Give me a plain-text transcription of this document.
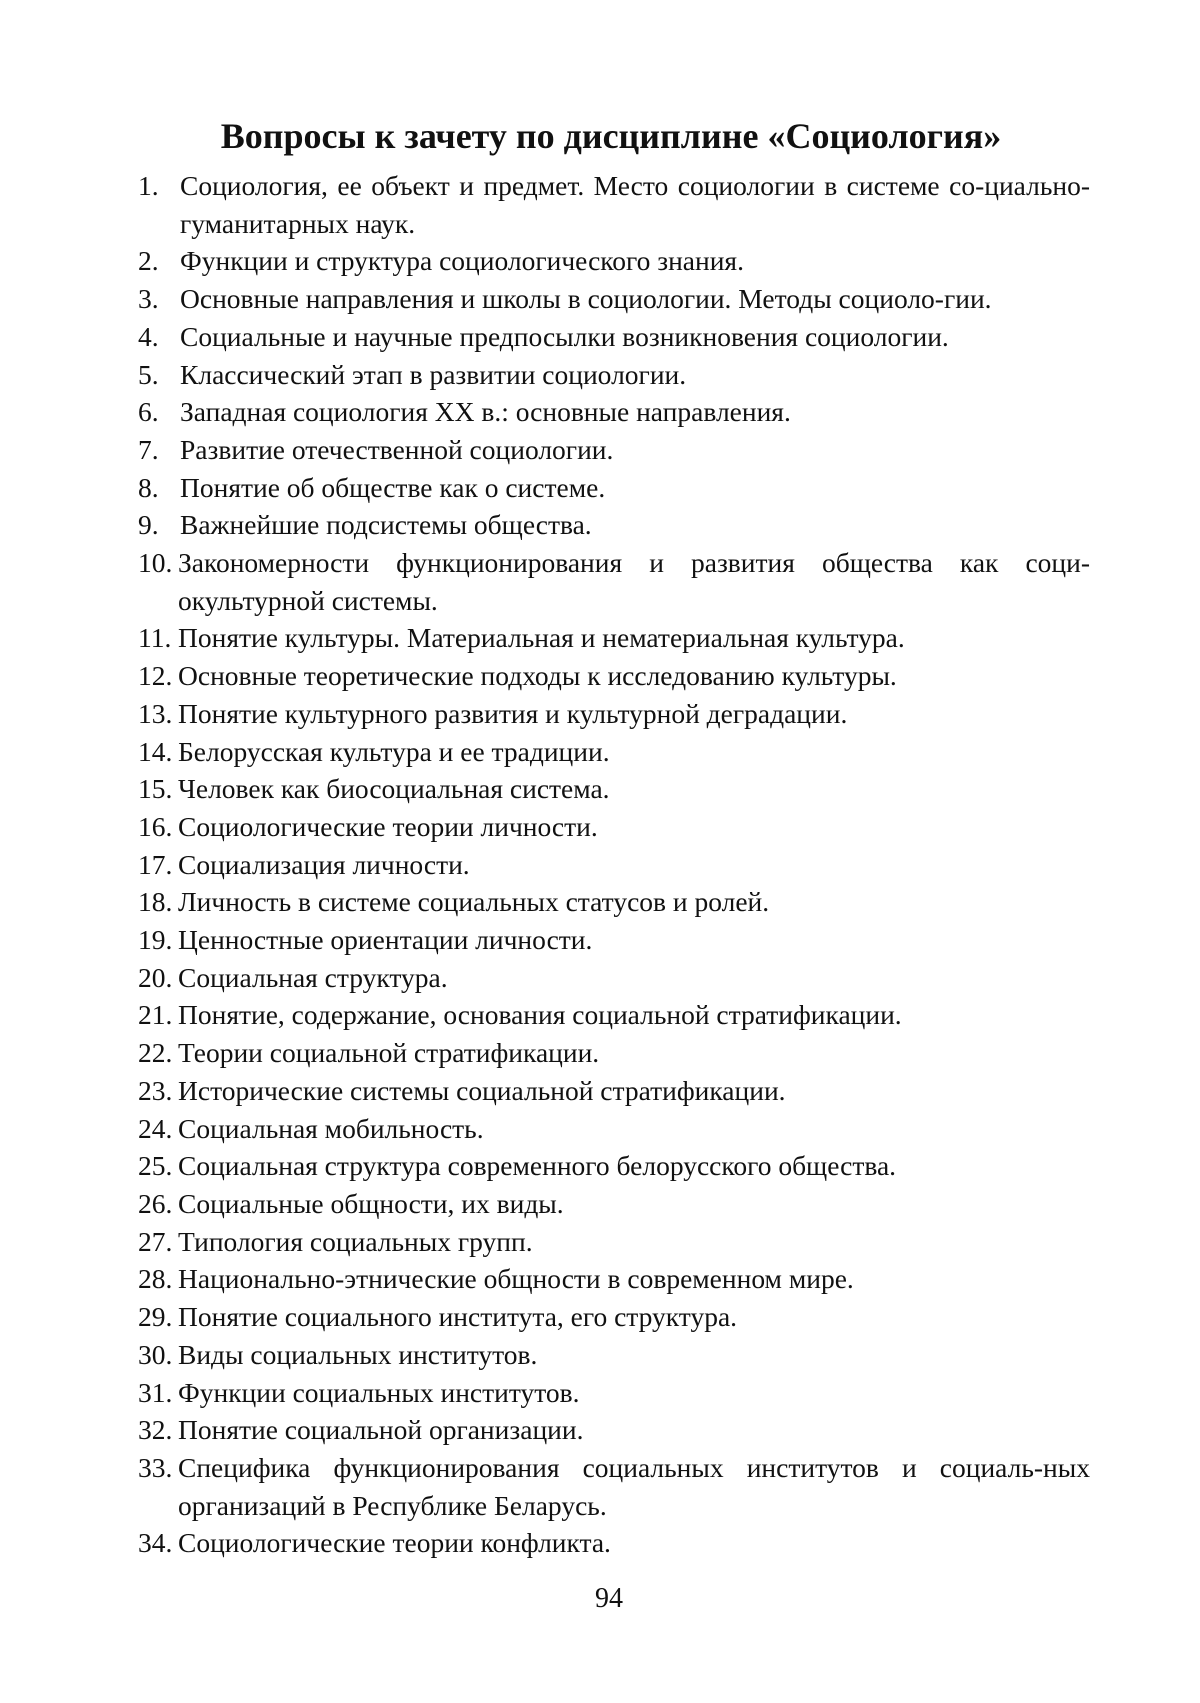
Вопросы к зачету по дисциплине «Социология»
1. Социология, ее объект и предмет. Место социологии в системе со-циально-гуманитарных наук.
2. Функции и структура социологического знания.
3. Основные направления и школы в социологии. Методы социоло-гии.
4. Социальные и научные предпосылки возникновения социологии.
5. Классический этап в развитии социологии.
6. Западная социология XX в.: основные направления.
7. Развитие отечественной социологии.
8. Понятие об обществе как о системе.
9. Важнейшие подсистемы общества.
10. Закономерности функционирования и развития общества как соци-окультурной системы.
11. Понятие культуры. Материальная и нематериальная культура.
12. Основные теоретические подходы к исследованию культуры.
13. Понятие культурного развития и культурной деградации.
14. Белорусская культура и ее традиции.
15. Человек как биосоциальная система.
16. Социологические теории личности.
17. Социализация личности.
18. Личность в системе социальных статусов и ролей.
19. Ценностные ориентации личности.
20. Социальная структура.
21. Понятие, содержание, основания социальной стратификации.
22. Теории социальной стратификации.
23. Исторические системы социальной стратификации.
24. Социальная мобильность.
25. Социальная структура современного белорусского общества.
26. Социальные общности, их виды.
27. Типология социальных групп.
28. Национально-этнические общности в современном мире.
29. Понятие социального института, его структура.
30. Виды социальных институтов.
31. Функции социальных институтов.
32. Понятие социальной организации.
33. Специфика функционирования социальных институтов и социаль-ных организаций в Республике Беларусь.
34. Социологические теории конфликта.
94
